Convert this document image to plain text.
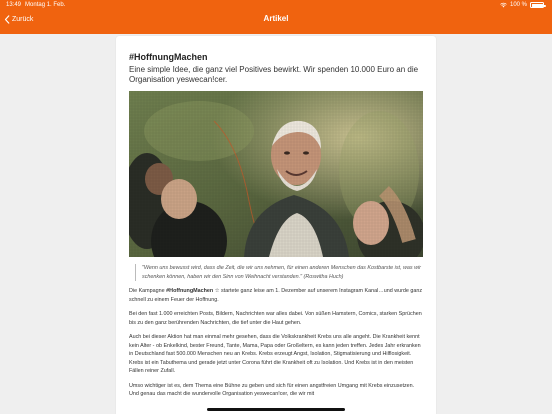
13:49 Montag 1. Feb.	100 %
Zurück	Artikel
#HoffnungMachen

Eine simple Idee, die ganz viel Positives bewirkt. Wir spenden 10.000 Euro an die Organisation yeswecan!cer.

"Wenn uns bewusst wird, dass die Zeit, die wir uns nehmen, für einen anderen Menschen das Kostbarste ist, was wir schenken können, haben wir den Sinn von Weihnacht verstanden." (Roswitha Huch)

Die Kampagne #HoffnungMachen ☆ startete ganz leise am 1. Dezember auf unserem Instagram Kanal…und wurde ganz schnell zu einem Feuer der Hoffnung.

Bei den fast 1.000 erreichten Posts, Bildern, Nachrichten war alles dabei. Von süßen Hamstern, Comics, starken Sprüchen bis zu den ganz berührenden Nachrichten, die tief unter die Haut gehen.

Auch bei dieser Aktion hat man einmal mehr gesehen, dass die Volkskrankheit Krebs uns alle angeht. Die Krankheit kennt kein Alter - ob Enkelkind, bester Freund, Tante, Mama, Papa oder Großeltern, es kann jeden treffen. Jedes Jahr erkranken in Deutschland fast 500.000 Menschen neu an Krebs. Krebs erzeugt Angst, Isolation, Stigmatisierung und Hilflosigkeit. Krebs ist ein Tabuthema und gerade jetzt unter Corona führt die Krankheit oft zu Isolation. Und Krebs ist in den meisten Fällen reiner Zufall.

Umso wichtiger ist es, dem Thema eine Bühne zu geben und sich für einen angstfreien Umgang mit Krebs einzusetzen. Und genau das macht die wundervolle Organisation yeswecan!cer, die wir mit
